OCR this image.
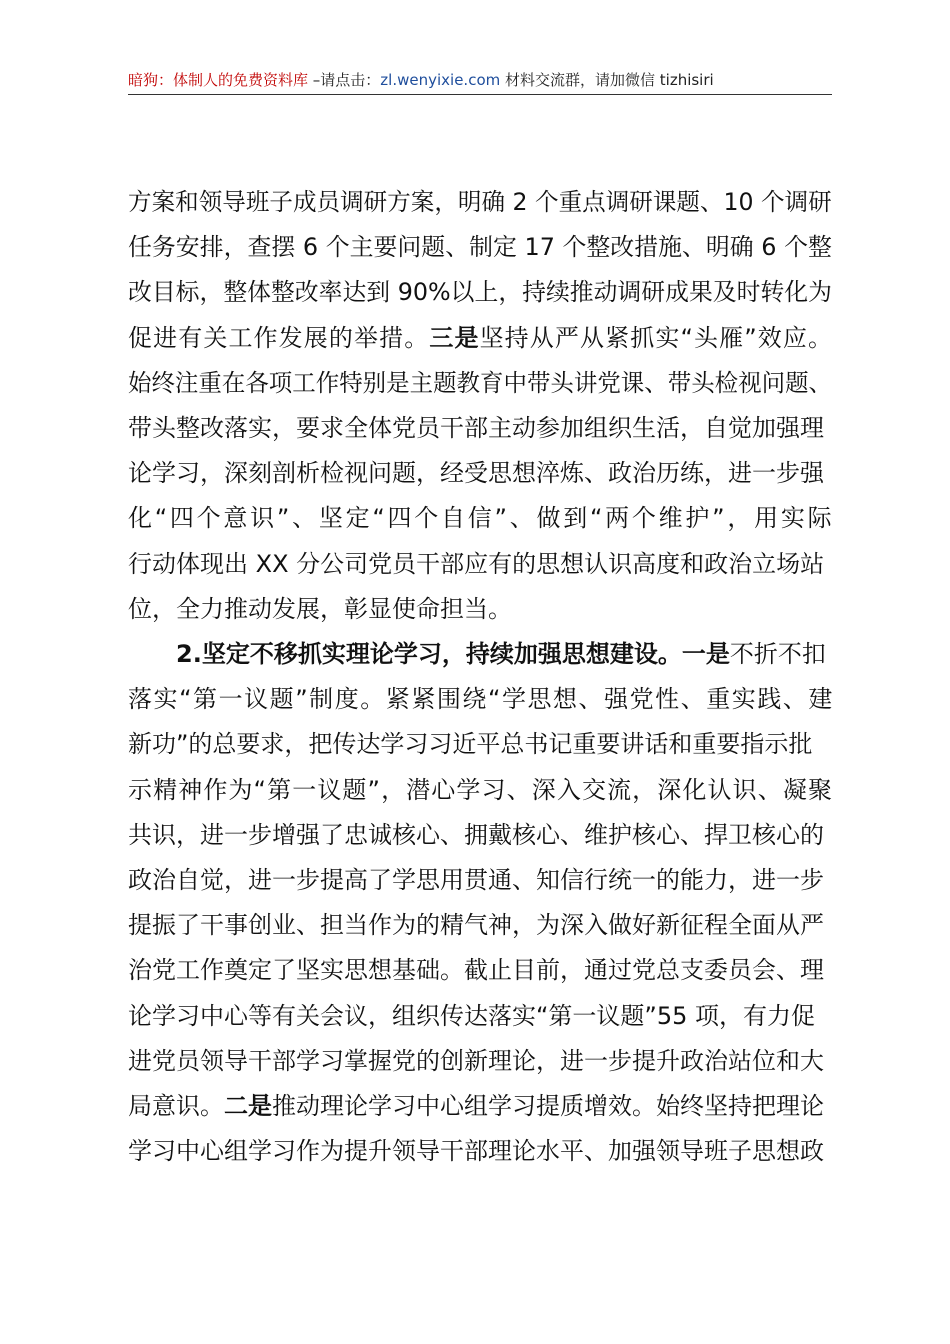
暗狗：体制人的免费资料库 –请点击：zl.wenyixie.com 材料交流群，请加微信 tizhisiri
方案和领导班子成员调研方案，明确 2 个重点调研课题、10 个调研
任务安排，查摆 6 个主要问题、制定 17 个整改措施、明确 6 个整
改目标，整体整改率达到 90%以上，持续推动调研成果及时转化为
促进有关工作发展的举措。三是坚持从严从紧抓实“头雁”效应。
始终注重在各项工作特别是主题教育中带头讲党课、带头检视问题、
带头整改落实，要求全体党员干部主动参加组织生活，自觉加强理
论学习，深刻剖析检视问题，经受思想淬炼、政治历练，进一步强
化“四个意识”、坚定“四个自信”、做到“两个维护”，用实际
行动体现出 XX 分公司党员干部应有的思想认识高度和政治立场站
位，全力推动发展，彰显使命担当。
2.坚定不移抓实理论学习，持续加强思想建设。一是不折不扣
落实“第一议题”制度。紧紧围绕“学思想、强党性、重实践、建
新功”的总要求，把传达学习习近平总书记重要讲话和重要指示批
示精神作为“第一议题”，潜心学习、深入交流，深化认识、凝聚
共识，进一步增强了忠诚核心、拥戴核心、维护核心、捍卫核心的
政治自觉，进一步提高了学思用贯通、知信行统一的能力，进一步
提振了干事创业、担当作为的精气神，为深入做好新征程全面从严
治党工作奠定了坚实思想基础。截止目前，通过党总支委员会、理
论学习中心等有关会议，组织传达落实“第一议题”55 项，有力促
进党员领导干部学习掌握党的创新理论，进一步提升政治站位和大
局意识。二是推动理论学习中心组学习提质增效。始终坚持把理论
学习中心组学习作为提升领导干部理论水平、加强领导班子思想政
